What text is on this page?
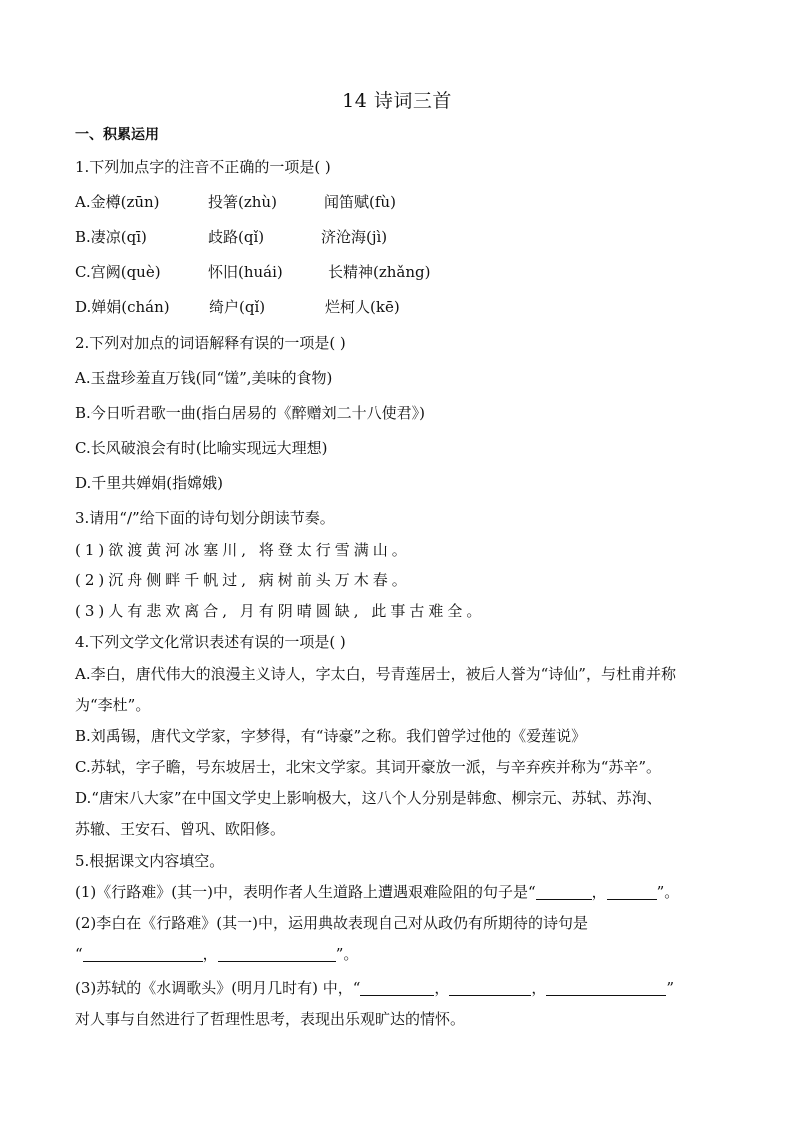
14 诗词三首
一、积累运用
1.下列加点字的注音不正确的一项是( )
A.金樽(zūn)	投箸(zhù)	闻笛赋(fù)
B.凄凉(qī)	歧路(qǐ)	济沧海(jì)
C.宫阙(què)	怀旧(huái)	长精神(zhǎng)
D.婵娟(chán)	绮户(qǐ)	烂柯人(kē)
2.下列对加点的词语解释有误的一项是( )
A.玉盘珍羞直万钱(同“馐”,美味的食物)
B.今日听君歌一曲(指白居易的《醉赠刘二十八使君》)
C.长风破浪会有时(比喻实现远大理想)
D.千里共婵娟(指嫦娥)
3.请用“/”给下面的诗句划分朗读节奏。
(1)欲渡黄河冰塞川, 将登太行雪满山。
(2)沉舟侧畔千帆过, 病树前头万木春。
(3)人有悲欢离合, 月有阴晴圆缺, 此事古难全。
4.下列文学文化常识表述有误的一项是( )
A.李白，唐代伟大的浪漫主义诗人，字太白，号青莲居士，被后人誉为“诗仙”，与杜甫并称
为“李杜”。
B.刘禹锡，唐代文学家，字梦得，有“诗豪”之称。我们曾学过他的《爱莲说》
C.苏轼，字子瞻，号东坡居士，北宋文学家。其词开豪放一派，与辛弃疾并称为“苏辛”。
D.“唐宋八大家”在中国文学史上影响极大，这八个人分别是韩愈、柳宗元、苏轼、苏洵、
苏辙、王安石、曾巩、欧阳修。
5.根据课文内容填空。
(1)《行路难》(其一)中，表明作者人生道路上遭遇艰难险阻的句子是“	，	”。
(2)李白在《行路难》(其一)中，运用典故表现自己对从政仍有所期待的诗句是
“	，	”。
(3)苏轼的《水调歌头》(明月几时有) 中，“	，	，	”
对人事与自然进行了哲理性思考，表现出乐观旷达的情怀。
